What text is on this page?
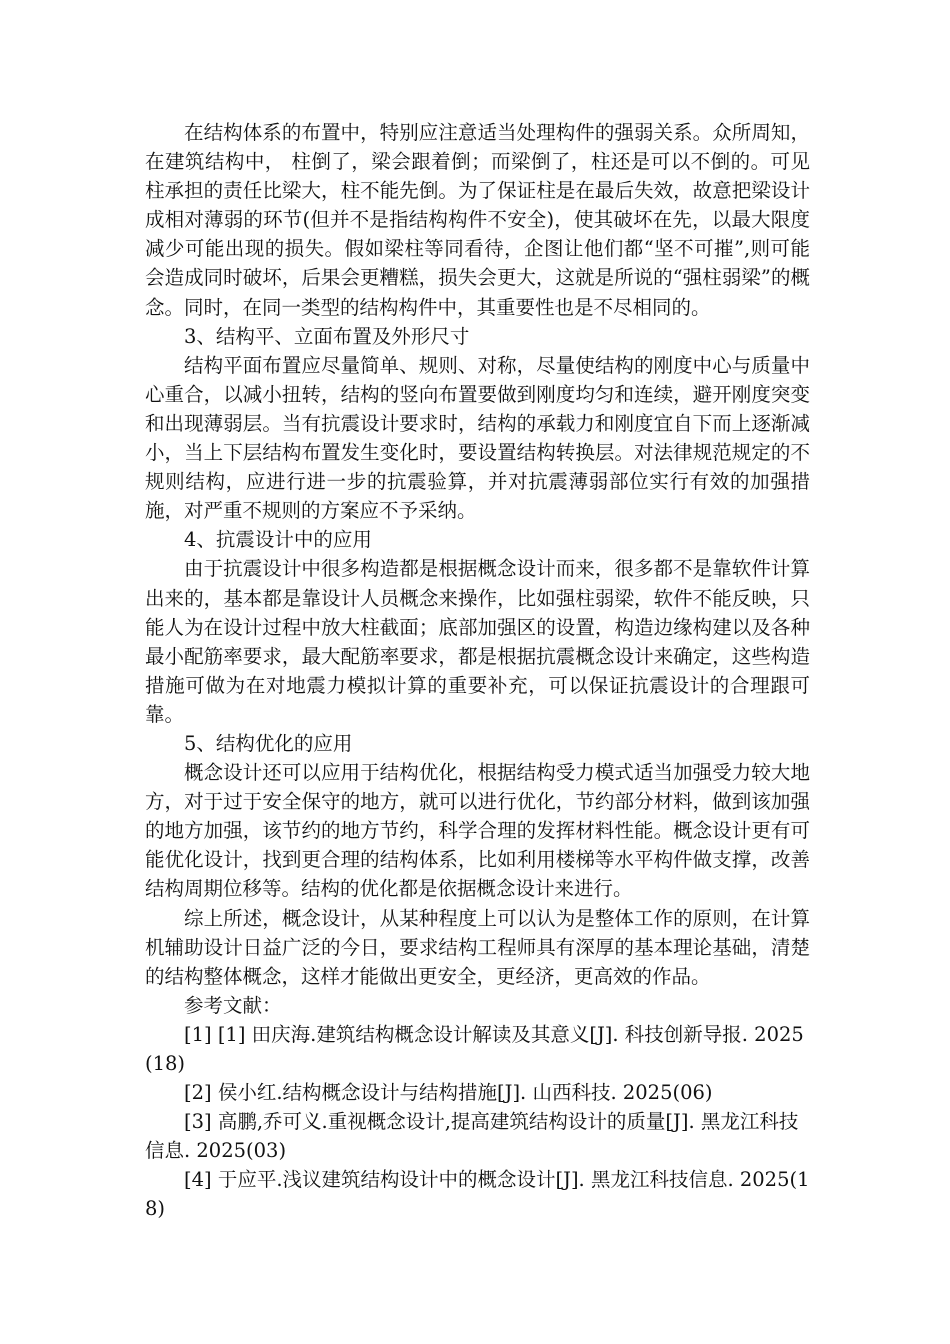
在结构体系的布置中，特别应注意适当处理构件的强弱关系。众所周知，在建筑结构中， 柱倒了，梁会跟着倒；而梁倒了，柱还是可以不倒的。可见柱承担的责任比梁大，柱不能先倒。为了保证柱是在最后失效，故意把梁设计成相对薄弱的环节(但并不是指结构构件不安全)，使其破坏在先，以最大限度减少可能出现的损失。假如梁柱等同看待，企图让他们都“坚不可摧”,则可能会造成同时破坏，后果会更糟糕，损失会更大，这就是所说的“强柱弱梁”的概念。同时，在同一类型的结构构件中，其重要性也是不尽相同的。

3、结构平、立面布置及外形尺寸

结构平面布置应尽量简单、规则、对称，尽量使结构的刚度中心与质量中心重合，以减小扭转，结构的竖向布置要做到刚度均匀和连续，避开刚度突变和出现薄弱层。当有抗震设计要求时，结构的承载力和刚度宜自下而上逐渐减小，当上下层结构布置发生变化时，要设置结构转换层。对法律规范规定的不规则结构，应进行进一步的抗震验算，并对抗震薄弱部位实行有效的加强措施，对严重不规则的方案应不予采纳。

4、抗震设计中的应用

由于抗震设计中很多构造都是根据概念设计而来，很多都不是靠软件计算出来的，基本都是靠设计人员概念来操作，比如强柱弱梁，软件不能反映，只能人为在设计过程中放大柱截面；底部加强区的设置，构造边缘构建以及各种最小配筋率要求，最大配筋率要求，都是根据抗震概念设计来确定，这些构造措施可做为在对地震力模拟计算的重要补充，可以保证抗震设计的合理跟可靠。

5、结构优化的应用

概念设计还可以应用于结构优化，根据结构受力模式适当加强受力较大地方，对于过于安全保守的地方，就可以进行优化，节约部分材料，做到该加强的地方加强，该节约的地方节约，科学合理的发挥材料性能。概念设计更有可能优化设计，找到更合理的结构体系，比如利用楼梯等水平构件做支撑，改善结构周期位移等。结构的优化都是依据概念设计来进行。

综上所述，概念设计，从某种程度上可以认为是整体工作的原则，在计算机辅助设计日益广泛的今日，要求结构工程师具有深厚的基本理论基础，清楚的结构整体概念，这样才能做出更安全，更经济，更高效的作品。

参考文献：

[1] [1] 田庆海.建筑结构概念设计解读及其意义[J]. 科技创新导报. 2025(18)

[2] 侯小红.结构概念设计与结构措施[J]. 山西科技. 2025(06)

[3] 高鹏,乔可义.重视概念设计,提高建筑结构设计的质量[J]. 黑龙江科技信息. 2025(03)

[4] 于应平.浅议建筑结构设计中的概念设计[J]. 黑龙江科技信息. 2025(18)
